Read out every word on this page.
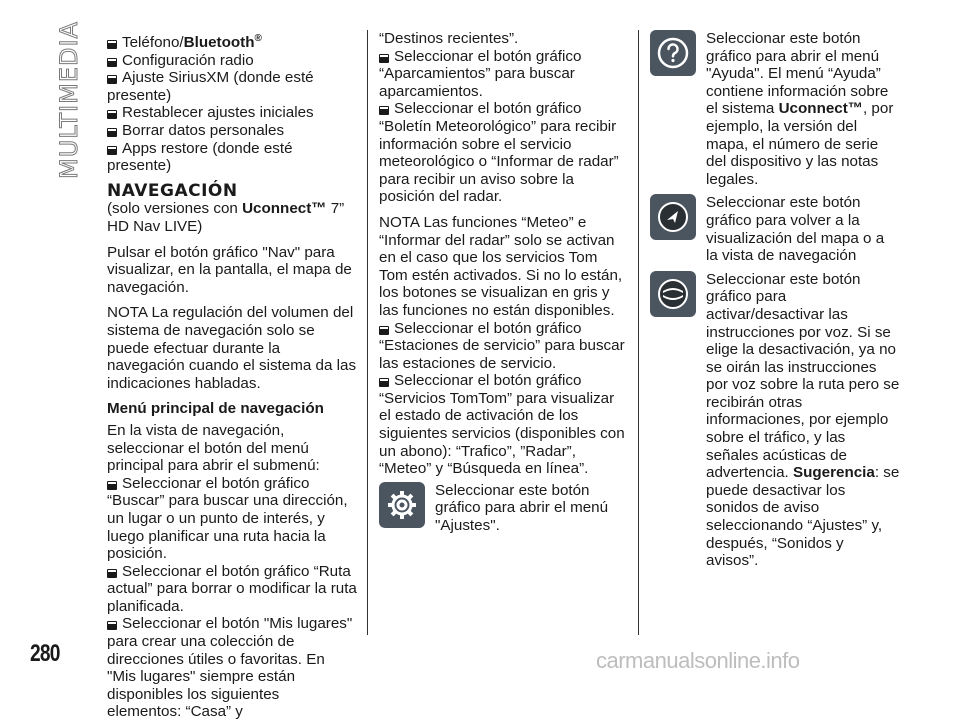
MULTIMEDIA	Teléfono/Bluetooth®
Configuración radio
Ajuste SiriusXM (donde esté presente)
Restablecer ajustes iniciales
Borrar datos personales
Apps restore (donde esté presente)
NAVEGACIÓN

(solo versiones con Uconnect™ 7” HD Nav LIVE)

Pulsar el botón gráfico "Nav" para visualizar, en la pantalla, el mapa de navegación.

NOTA La regulación del volumen del sistema de navegación solo se puede efectuar durante la navegación cuando el sistema da las indicaciones habladas.

Menú principal de navegación

En la vista de navegación, seleccionar el botón del menú principal para abrir el submenú:

Seleccionar el botón gráfico “Buscar” para buscar una dirección, un lugar o un punto de interés, y luego planificar una ruta hacia la posición.
Seleccionar el botón gráfico “Ruta actual” para borrar o modificar la ruta planificada.
Seleccionar el botón "Mis lugares" para crear una colección de direcciones útiles o favoritas. En "Mis lugares" siempre están disponibles los siguientes elementos: “Casa” y

“Destinos recientes”.

Seleccionar el botón gráfico “Aparcamientos” para buscar aparcamientos.
Seleccionar el botón gráfico “Boletín Meteorológico” para recibir información sobre el servicio meteorológico o “Informar de radar” para recibir un aviso sobre la posición del radar.

NOTA Las funciones “Meteo” e “Informar del radar” solo se activan en el caso que los servicios Tom Tom estén activados. Si no lo están, los botones se visualizan en gris y las funciones no están disponibles.

Seleccionar el botón gráfico “Estaciones de servicio” para buscar las estaciones de servicio.
Seleccionar el botón gráfico “Servicios TomTom” para visualizar el estado de activación de los siguientes servicios (disponibles con un abono): “Trafico”, ”Radar”, “Meteo” y “Búsqueda en línea”.
Seleccionar este botón gráfico para abrir el menú "Ajustes".
Seleccionar este botón gráfico para abrir el menú "Ayuda". El menú “Ayuda” contiene información sobre el sistema Uconnect™, por ejemplo, la versión del mapa, el número de serie del dispositivo y las notas legales.
Seleccionar este botón gráfico para volver a la visualización del mapa o a la vista de navegación
Seleccionar este botón gráfico para activar/desactivar las instrucciones por voz. Si se elige la desactivación, ya no se oirán las instrucciones por voz sobre la ruta pero se recibirán otras informaciones, por ejemplo sobre el tráfico, y las señales acústicas de advertencia. Sugerencia: se puede desactivar los sonidos de aviso seleccionando “Ajustes” y, después, “Sonidos y avisos”.
280	carmanualsonline.info
